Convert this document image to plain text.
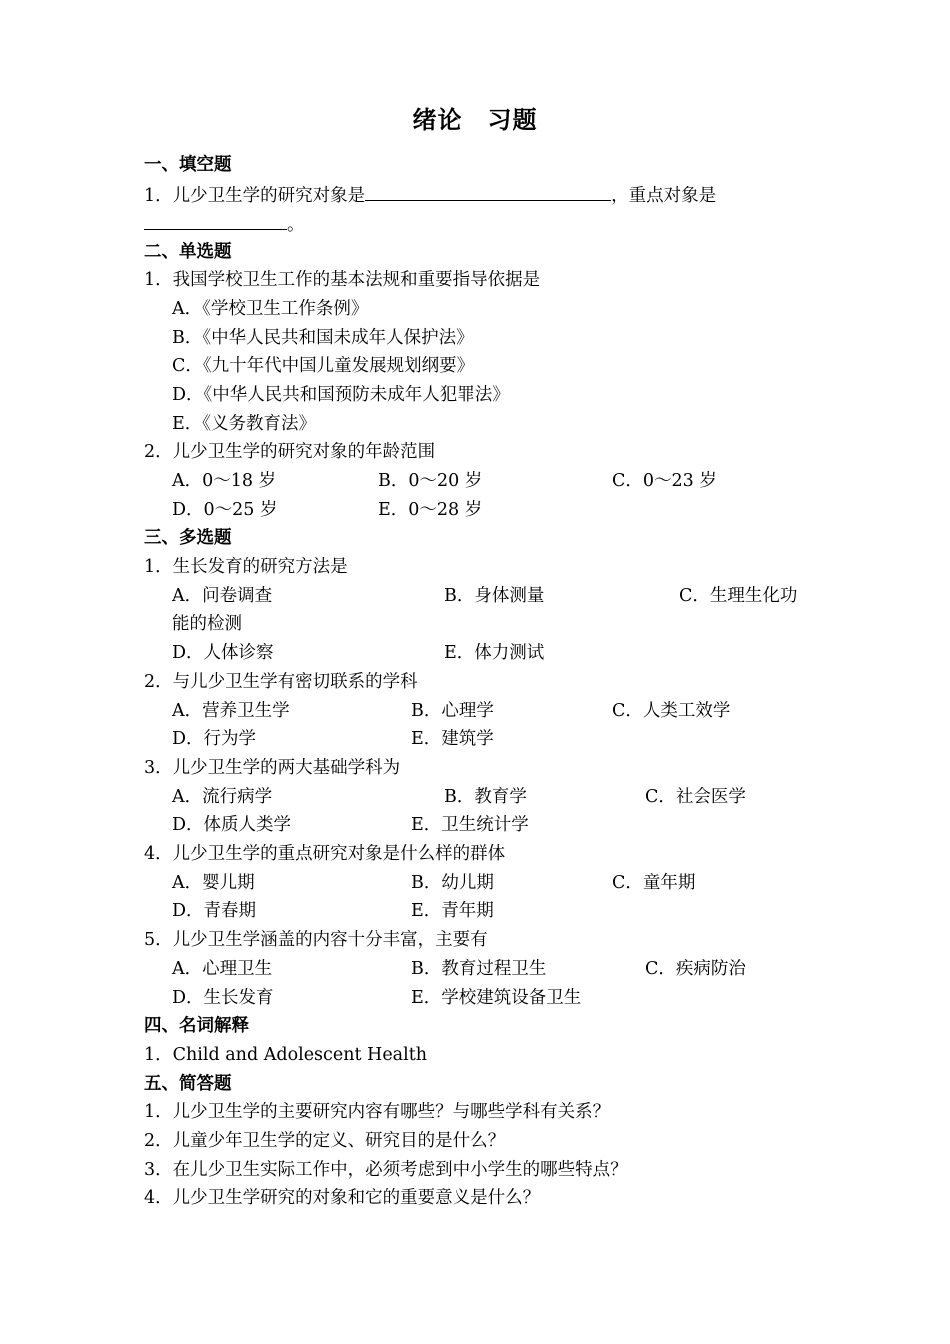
绪论　习题
一、填空题
1．儿少卫生学的研究对象是	，重点对象是
。
二、单选题
1．我国学校卫生工作的基本法规和重要指导依据是
A．《学校卫生工作条例》
B．《中华人民共和国未成年人保护法》
C．《九十年代中国儿童发展规划纲要》
D．《中华人民共和国预防未成年人犯罪法》
E．《义务教育法》
2．儿少卫生学的研究对象的年龄范围
A．0～18 岁	B．0～20 岁	C．0～23 岁
D．0～25 岁	E．0～28 岁
三、多选题
1．生长发育的研究方法是
A．问卷调查	B．身体测量	C．生理生化功
能的检测
D．人体诊察	E．体力测试
2．与儿少卫生学有密切联系的学科
A．营养卫生学	B．心理学	C．人类工效学
D．行为学	E．建筑学
3．儿少卫生学的两大基础学科为
A．流行病学	B．教育学	C．社会医学
D．体质人类学	E．卫生统计学
4．儿少卫生学的重点研究对象是什么样的群体
A．婴儿期	B．幼儿期	C．童年期
D．青春期	E．青年期
5．儿少卫生学涵盖的内容十分丰富，主要有
A．心理卫生	B．教育过程卫生	C．疾病防治
D．生长发育	E．学校建筑设备卫生
四、名词解释
1．Child and Adolescent Health
五、简答题
1．儿少卫生学的主要研究内容有哪些？与哪些学科有关系？
2．儿童少年卫生学的定义、研究目的是什么？
3．在儿少卫生实际工作中，必须考虑到中小学生的哪些特点？
4．儿少卫生学研究的对象和它的重要意义是什么？
